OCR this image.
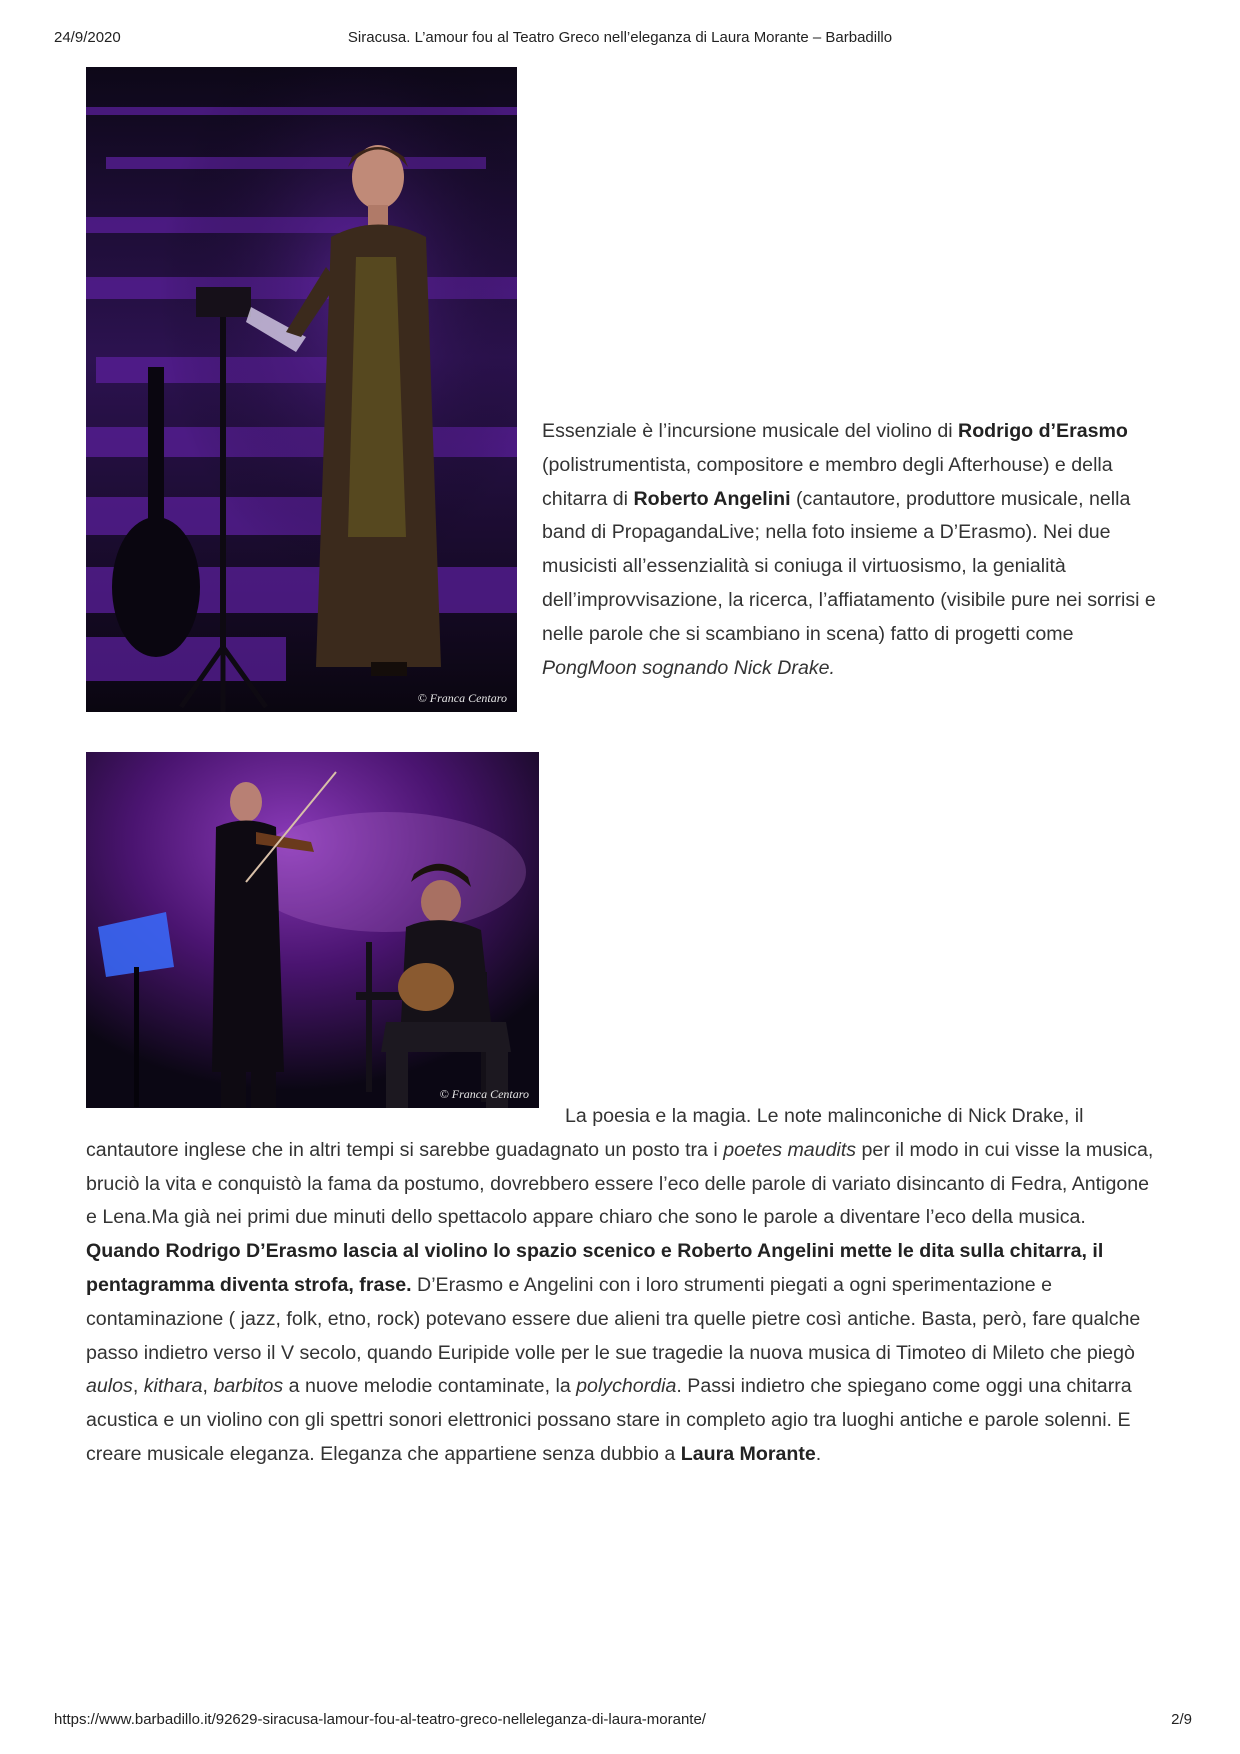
24/9/2020	Siracusa. L’amour fou al Teatro Greco nell’eleganza di Laura Morante – Barbadillo
© Franca Centaro

Essenziale è l’incursione musicale del violino di Rodrigo d’Erasmo (polistrumentista, compositore e membro degli Afterhouse) e della chitarra di Roberto Angelini (cantautore, produttore musicale, nella band di PropagandaLive; nella foto insieme a D’Erasmo). Nei due musicisti all’essenzialità si coniuga il virtuosismo, la genialità dell’improvvisazione, la ricerca, l’affiatamento (visibile pure nei sorrisi e nelle parole che si scambiano in scena) fatto di progetti come PongMoon sognando Nick Drake.

© Franca Centaro

La poesia e la magia. Le note malinconiche di Nick Drake, il cantautore inglese che in altri tempi si sarebbe guadagnato un posto tra i poetes maudits per il modo in cui visse la musica, bruciò la vita e conquistò la fama da postumo, dovrebbero essere l’eco delle parole di variato disincanto di Fedra, Antigone e Lena.Ma già nei primi due minuti dello spettacolo appare chiaro che sono le parole a diventare l’eco della musica. Quando Rodrigo D’Erasmo lascia al violino lo spazio scenico e Roberto Angelini mette le dita sulla chitarra, il pentagramma diventa strofa, frase. D’Erasmo e Angelini con i loro strumenti piegati a ogni sperimentazione e contaminazione ( jazz, folk, etno, rock) potevano essere due alieni tra quelle pietre così antiche. Basta, però, fare qualche passo indietro verso il V secolo, quando Euripide volle per le sue tragedie la nuova musica di Timoteo di Mileto che piegò aulos, kithara, barbitos a nuove melodie contaminate, la polychordia. Passi indietro che spiegano come oggi una chitarra acustica e un violino con gli spettri sonori elettronici possano stare in completo agio tra luoghi antiche e parole solenni. E creare musicale eleganza. Eleganza che appartiene senza dubbio a Laura Morante.

https://www.barbadillo.it/92629-siracusa-lamour-fou-al-teatro-greco-nelleleganza-di-laura-morante/	2/9
